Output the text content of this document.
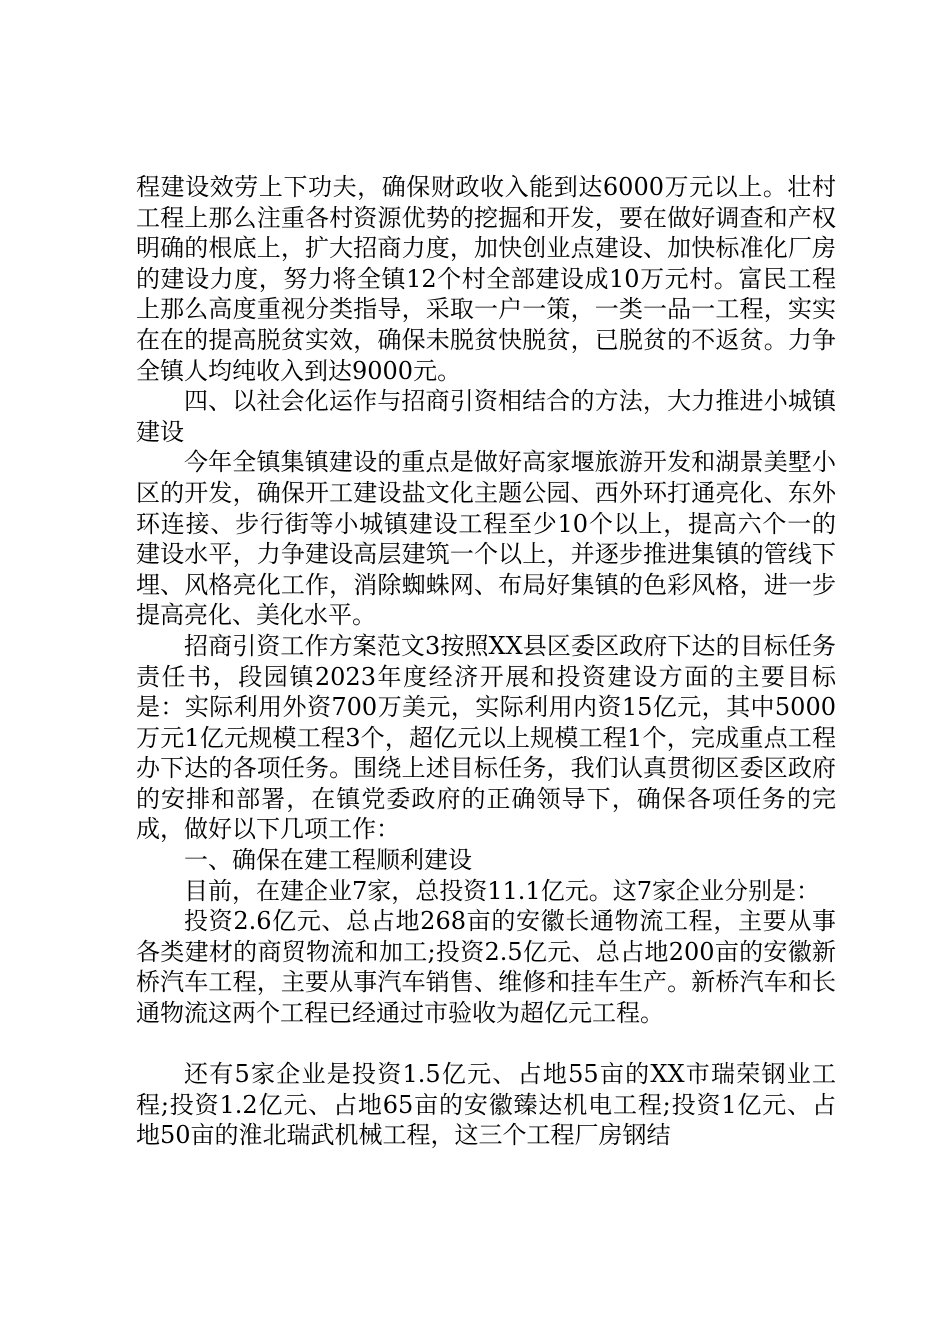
程建设效劳上下功夫，确保财政收入能到达6000万元以上。壮村工程上那么注重各村资源优势的挖掘和开发，要在做好调查和产权明确的根底上，扩大招商力度，加快创业点建设、加快标准化厂房的建设力度，努力将全镇12个村全部建设成10万元村。富民工程上那么高度重视分类指导，采取一户一策，一类一品一工程，实实在在的提高脱贫实效，确保未脱贫快脱贫，已脱贫的不返贫。力争全镇人均纯收入到达9000元。

四、以社会化运作与招商引资相结合的方法，大力推进小城镇建设

今年全镇集镇建设的重点是做好高家堰旅游开发和湖景美墅小区的开发，确保开工建设盐文化主题公园、西外环打通亮化、东外环连接、步行街等小城镇建设工程至少10个以上，提高六个一的建设水平，力争建设高层建筑一个以上，并逐步推进集镇的管线下埋、风格亮化工作，消除蜘蛛网、布局好集镇的色彩风格，进一步提高亮化、美化水平。

招商引资工作方案范文3按照XX县区委区政府下达的目标任务责任书，段园镇2023年度经济开展和投资建设方面的主要目标是：实际利用外资700万美元，实际利用内资15亿元，其中5000万元1亿元规模工程3个，超亿元以上规模工程1个，完成重点工程办下达的各项任务。围绕上述目标任务，我们认真贯彻区委区政府的安排和部署，在镇党委政府的正确领导下，确保各项任务的完成，做好以下几项工作：

一、确保在建工程顺利建设

目前，在建企业7家，总投资11.1亿元。这7家企业分别是：

投资2.6亿元、总占地268亩的安徽长通物流工程，主要从事各类建材的商贸物流和加工;投资2.5亿元、总占地200亩的安徽新桥汽车工程，主要从事汽车销售、维修和挂车生产。新桥汽车和长通物流这两个工程已经通过市验收为超亿元工程。

还有5家企业是投资1.5亿元、占地55亩的XX市瑞荣钢业工程;投资1.2亿元、占地65亩的安徽臻达机电工程;投资1亿元、占地50亩的淮北瑞武机械工程，这三个工程厂房钢结
